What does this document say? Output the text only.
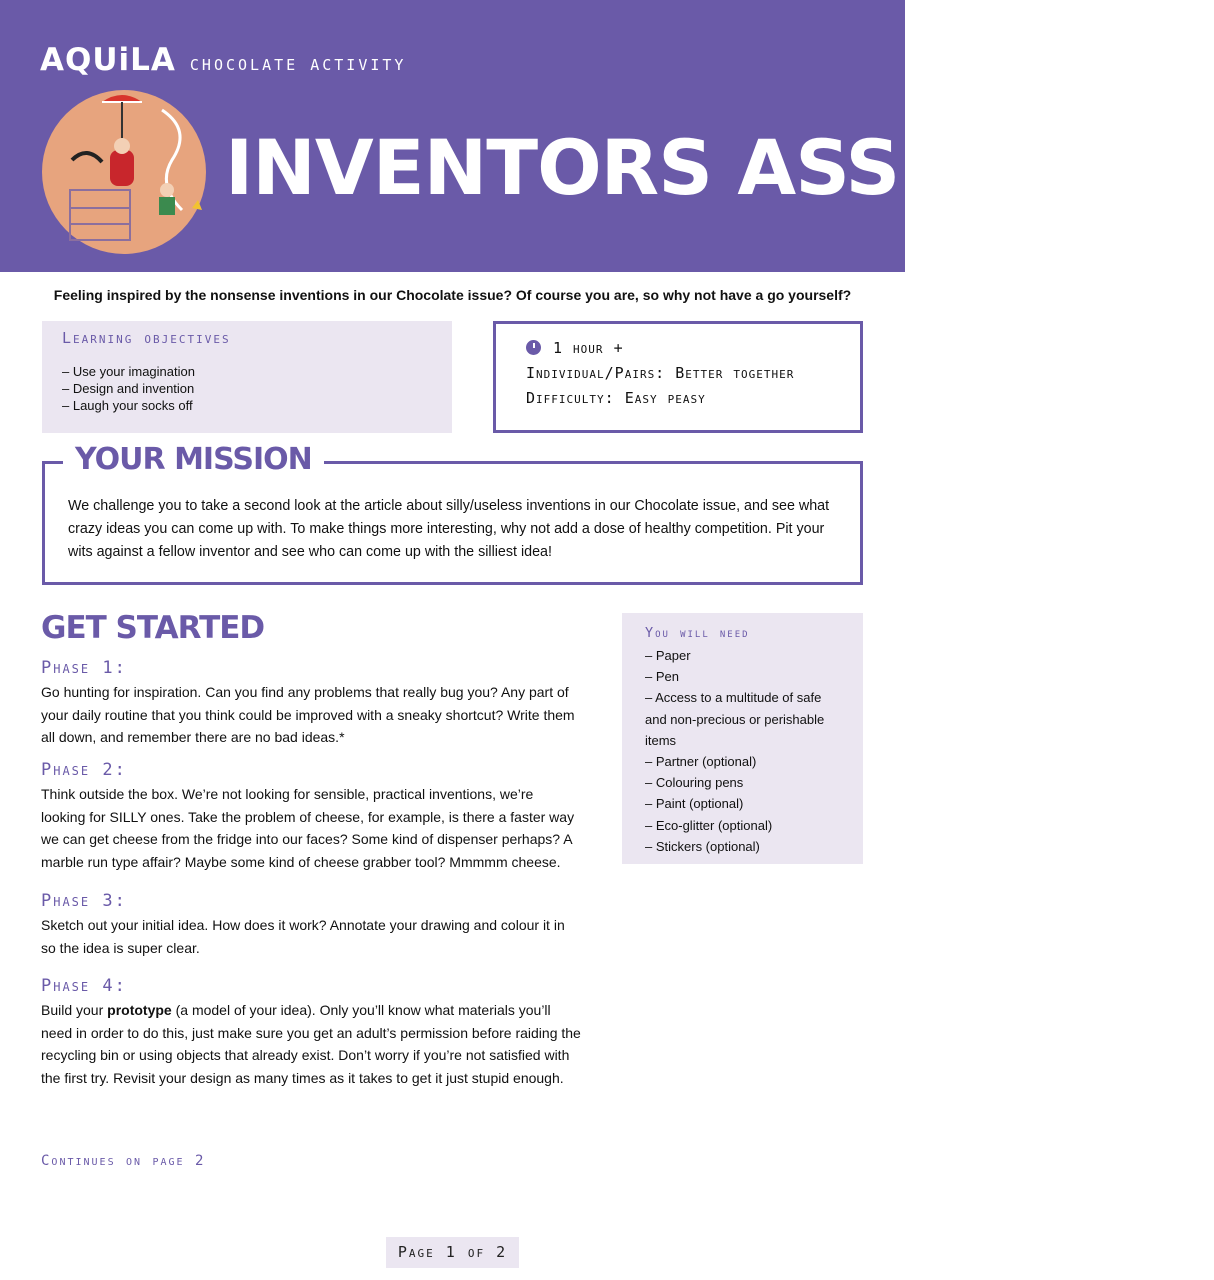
AQUiLA CHOCOLATE ACTIVITY
INVENTORS ASSEMBLE!
Feeling inspired by the nonsense inventions in our Chocolate issue? Of course you are, so why not have a go yourself?
Learning objectives
– Use your imagination
– Design and invention
– Laugh your socks off
1 hour +
Individual/Pairs: Better together
Difficulty: Easy peasy
YOUR MISSION
We challenge you to take a second look at the article about silly/useless inventions in our Chocolate issue, and see what crazy ideas you can come up with. To make things more interesting, why not add a dose of healthy competition. Pit your wits against a fellow inventor and see who can come up with the silliest idea!
GET STARTED
Phase 1:
Go hunting for inspiration. Can you find any problems that really bug you? Any part of your daily routine that you think could be improved with a sneaky shortcut? Write them all down, and remember there are no bad ideas.*
Phase 2:
Think outside the box. We’re not looking for sensible, practical inventions, we’re looking for SILLY ones. Take the problem of cheese, for example, is there a faster way we can get cheese from the fridge into our faces? Some kind of dispenser perhaps? A marble run type affair? Maybe some kind of cheese grabber tool? Mmmmm cheese.
Phase 3:
Sketch out your initial idea. How does it work? Annotate your drawing and colour it in so the idea is super clear.
Phase 4:
Build your prototype (a model of your idea). Only you’ll know what materials you’ll need in order to do this, just make sure you get an adult’s permission before raiding the recycling bin or using objects that already exist. Don’t worry if you’re not satisfied with the first try. Revisit your design as many times as it takes to get it just stupid enough.
You will need
– Paper
– Pen
– Access to a multitude of safe and non-precious or perishable items
– Partner (optional)
– Colouring pens
– Paint (optional)
– Eco-glitter (optional)
– Stickers (optional)
Continues on page 2
Page 1 of 2
